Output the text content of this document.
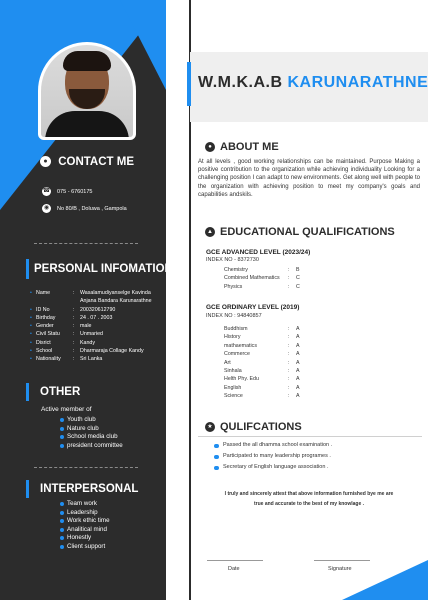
● CONTACT ME
☎ 075 - 6760175
◉	No 80/B , Doluwa , Gampola
PERSONAL INFOMATION
• Name	:	Wasalamudiyanselge Kavinda
Anjana Bandara Karunarathne
• ID No	:	200320612790
• Birthday	:	24 . 07 . 2003
• Gender	:	male
• Civil Statu	:	Unmaried
• Disrict	:	Kandy
• School	:	Dharmaraja Collage Kandy
• Nationality	:	Sri Lanka
OTHER
Active member of
Youth club
Nature club
School media club
president committee
INTERPERSONAL
Team work
Leadership
Work ethic time
Analitical mind
Honestly
Client support
W.M.K.A.B KARUNARATHNE
● ABOUT ME
At all levels , good working relationships can be maintained. Purpose Making a positive contribution to the organization while achieving individuality Looking for a challenging position I can adapt to new environments. Get along well with people to the organization with achieving position to meet my company's goals and capabilities andskils.
▲ EDUCATIONAL QUALIFICATIONS
GCE ADVANCED LEVEL (2023/24)
INDEX NO - 8372730
Chemistry	:	B
Combined Mathematics	:	C
Physics	:	C
GCE ORDINARY LEVEL (2019)
INDEX NO : 94840857
Buddhism	:	A
History	:	A
mathaematics	:	A
Commerce	:	A
Art	:	A
Sinhala	:	A
Helth Phy. Edu	:	A
English	:	A
Science	:	A
★ QULIFCATIONS
Passed the all dhamma school examination .
Participated to many leadership programes .
Secretary of English language association .
I truly and sincerely attest that above information furnished bye me are
true and accurate to the best of my knowlage .
Date	Signature
